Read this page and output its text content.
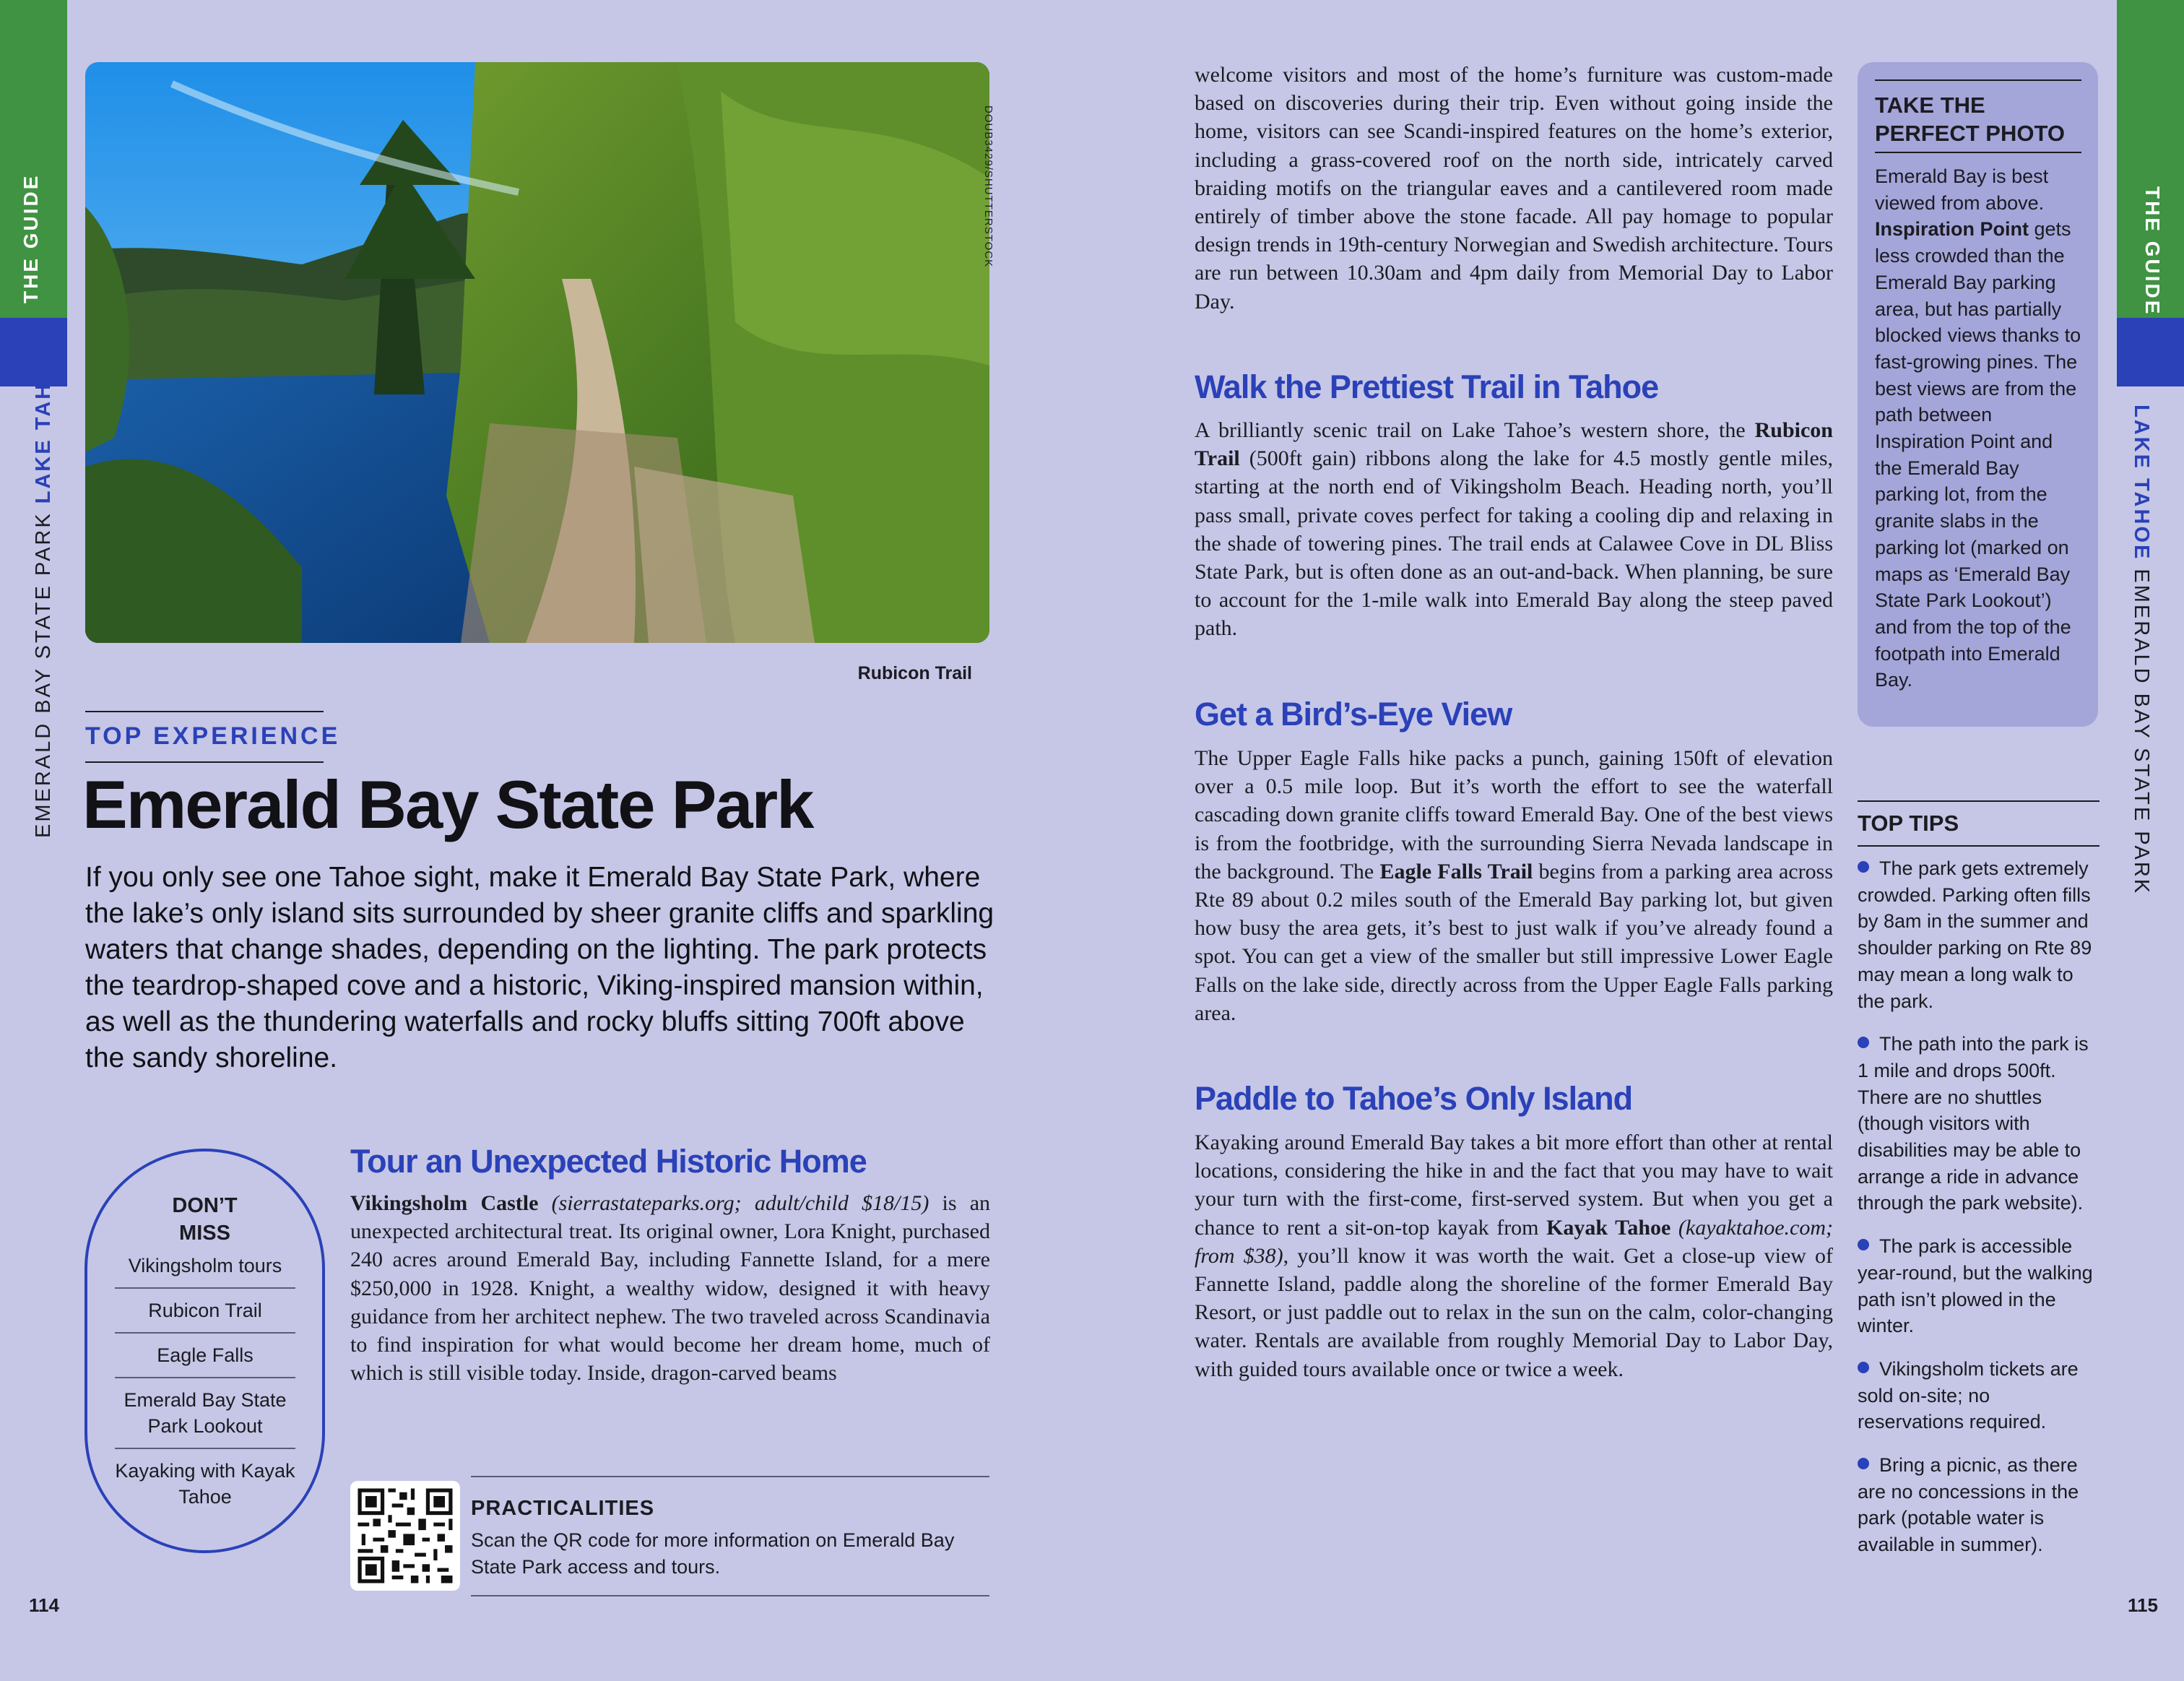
THE GUIDE
EMERALD BAY STATE PARK LAKE TAHOE
THE GUIDE
LAKE TAHOE EMERALD BAY STATE PARK
DOUB3429/SHUTTERSTOCK
Rubicon Trail
TOP EXPERIENCE
Emerald Bay State Park
If you only see one Tahoe sight, make it Emerald Bay State Park, where the lake’s only island sits surrounded by sheer granite cliffs and sparkling waters that change shades, depending on the lighting. The park protects the teardrop-shaped cove and a historic, Viking-inspired mansion within, as well as the thundering waterfalls and rocky bluffs sitting 700ft above the sandy shoreline.
DON’T
MISS
Vikingsholm tours
Rubicon Trail
Eagle Falls
Emerald Bay State Park Lookout
Kayaking with Kayak Tahoe
Tour an Unexpected Historic Home
Vikingsholm Castle (sierrastateparks.org; adult/child $18/15) is an unexpected architectural treat. Its original owner, Lora Knight, purchased 240 acres around Emerald Bay, including Fannette Island, for a mere $250,000 in 1928. Knight, a wealthy widow, designed it with heavy guidance from her architect nephew. The two traveled across Scandinavia to find inspiration for what would become her dream home, much of which is still visible today. Inside, dragon-carved beams
PRACTICALITIES
Scan the QR code for more information on Emerald Bay State Park access and tours.
114
welcome visitors and most of the home’s furniture was custom-made based on discoveries during their trip. Even without going inside the home, visitors can see Scandi-inspired features on the home’s exterior, including a grass-covered roof on the north side, intricately carved braiding motifs on the triangular eaves and a cantilevered room made entirely of timber above the stone facade. All pay homage to popular design trends in 19th-century Norwegian and Swedish architecture. Tours are run between 10.30am and 4pm daily from Memorial Day to Labor Day.
Walk the Prettiest Trail in Tahoe
A brilliantly scenic trail on Lake Tahoe’s western shore, the Rubicon Trail (500ft gain) ribbons along the lake for 4.5 mostly gentle miles, starting at the north end of Vikingsholm Beach. Heading north, you’ll pass small, private coves perfect for taking a cooling dip and relaxing in the shade of towering pines. The trail ends at Calawee Cove in DL Bliss State Park, but is often done as an out-and-back. When planning, be sure to account for the 1-mile walk into Emerald Bay along the steep paved path.
Get a Bird’s-Eye View
The Upper Eagle Falls hike packs a punch, gaining 150ft of elevation over a 0.5 mile loop. But it’s worth the effort to see the waterfall cascading down granite cliffs toward Emerald Bay. One of the best views is from the footbridge, with the surrounding Sierra Nevada landscape in the background. The Eagle Falls Trail begins from a parking area across Rte 89 about 0.2 miles south of the Emerald Bay parking lot, but given how busy the area gets, it’s best to just walk if you’ve already found a spot. You can get a view of the smaller but still impressive Lower Eagle Falls on the lake side, directly across from the Upper Eagle Falls parking area.
Paddle to Tahoe’s Only Island
Kayaking around Emerald Bay takes a bit more effort than other at rental locations, considering the hike in and the fact that you may have to wait your turn with the first-come, first-served system. But when you get a chance to rent a sit-on-top kayak from Kayak Tahoe (kayaktahoe.com; from $38), you’ll know it was worth the wait. Get a close-up view of Fannette Island, paddle along the shoreline of the former Emerald Bay Resort, or just paddle out to relax in the sun on the calm, color-changing water. Rentals are available from roughly Memorial Day to Labor Day, with guided tours available once or twice a week.
TAKE THE
PERFECT PHOTO
Emerald Bay is best viewed from above. Inspiration Point gets less crowded than the Emerald Bay parking area, but has partially blocked views thanks to fast-growing pines. The best views are from the path between Inspiration Point and the Emerald Bay parking lot, from the granite slabs in the parking lot (marked on maps as ‘Emerald Bay State Park Lookout’) and from the top of the footpath into Emerald Bay.
TOP TIPS
The park gets extremely crowded. Parking often fills by 8am in the summer and shoulder parking on Rte 89 may mean a long walk to the park.
The path into the park is 1 mile and drops 500ft. There are no shuttles (though visitors with disabilities may be able to arrange a ride in advance through the park website).
The park is accessible year-round, but the walking path isn’t plowed in the winter.
Vikingsholm tickets are sold on-site; no reservations required.
Bring a picnic, as there are no concessions in the park (potable water is available in summer).
115
